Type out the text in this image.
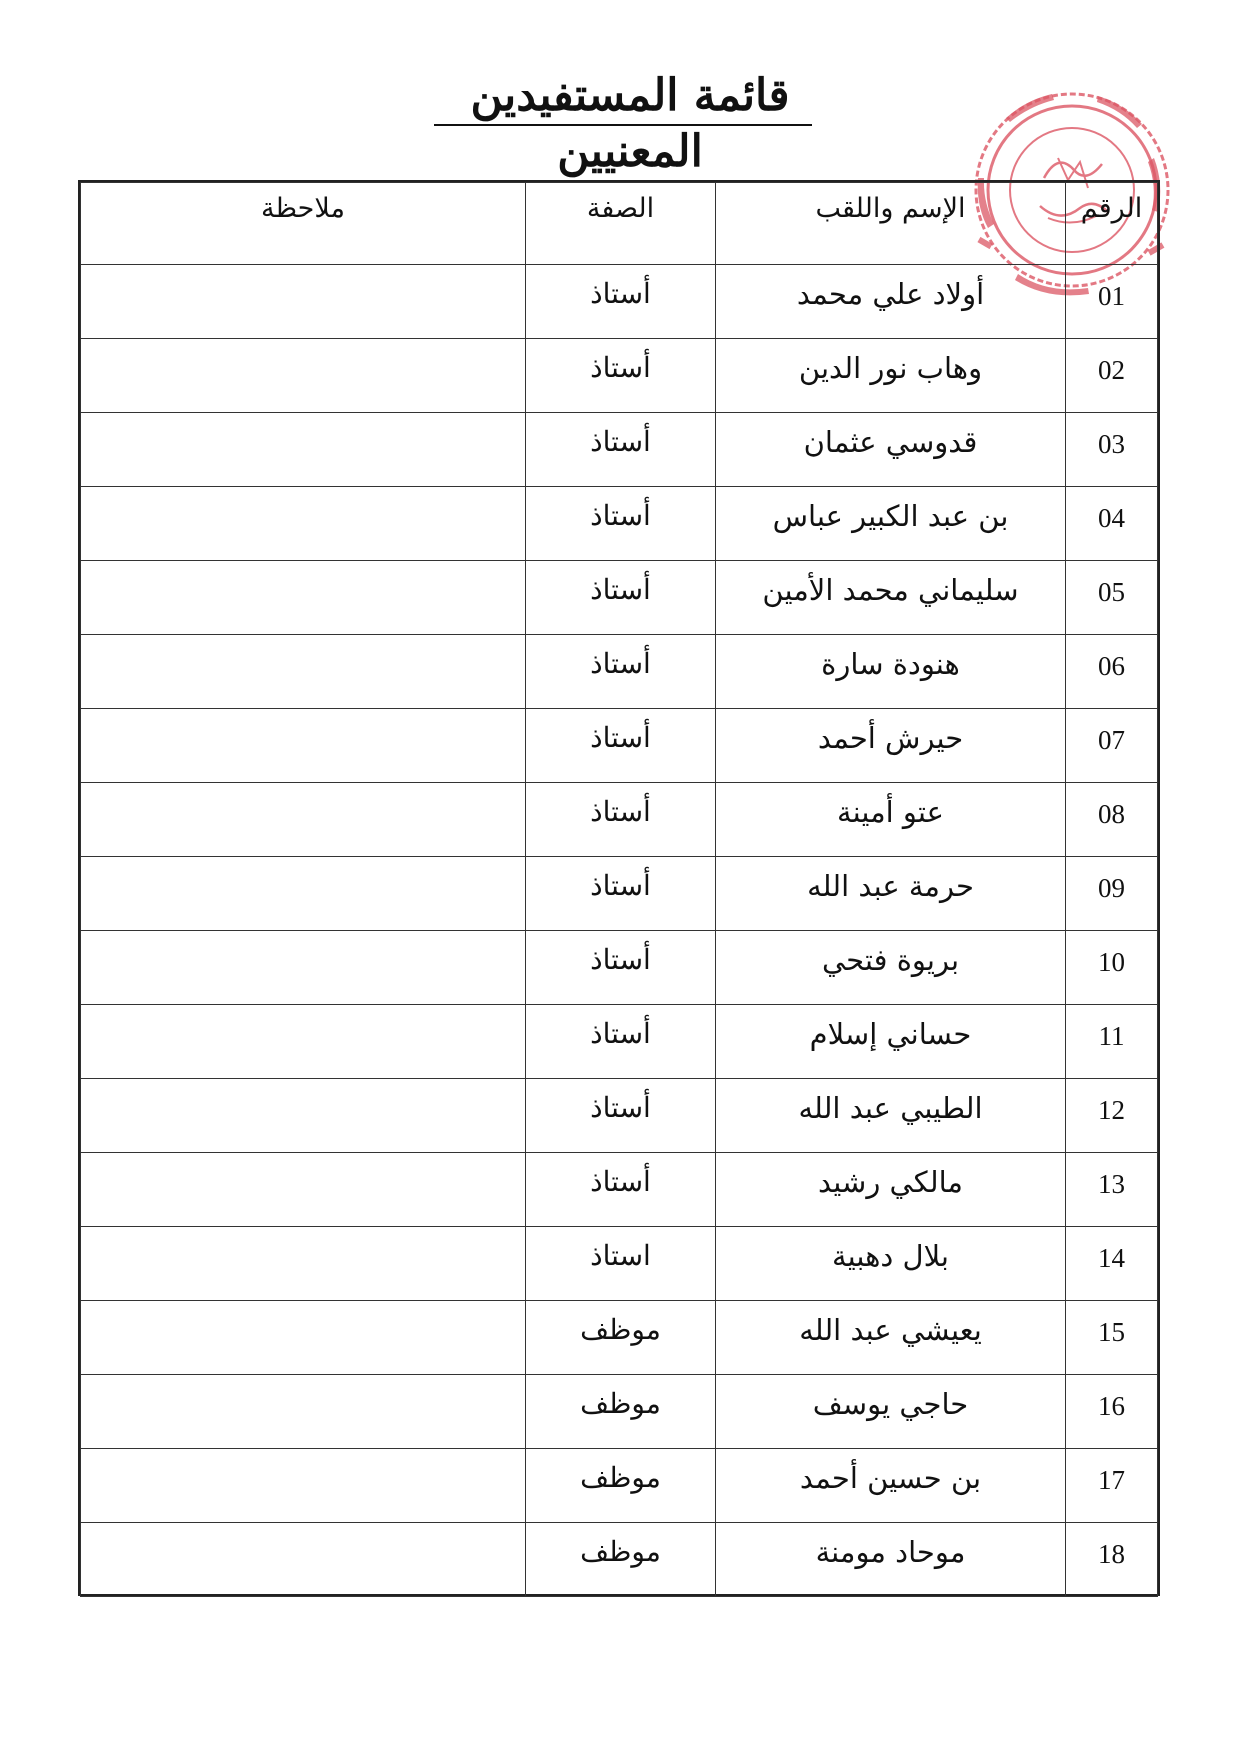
قائمة المستفيدين المعنيين
الرقم	الإسم واللقب	الصفة	ملاحظة
01	أولاد علي محمد	أستاذ	
02	وهاب نور الدين	أستاذ	
03	قدوسي عثمان	أستاذ	
04	بن عبد الكبير عباس	أستاذ	
05	سليماني محمد الأمين	أستاذ	
06	هنودة سارة	أستاذ	
07	حيرش أحمد	أستاذ	
08	عتو أمينة	أستاذ	
09	حرمة عبد الله	أستاذ	
10	بريوة فتحي	أستاذ	
11	حساني إسلام	أستاذ	
12	الطيبي عبد الله	أستاذ	
13	مالكي رشيد	أستاذ	
14	بلال دهبية	استاذ	
15	يعيشي عبد الله	موظف	
16	حاجي يوسف	موظف	
17	بن حسين أحمد	موظف	
18	موحاد مومنة	موظف	
